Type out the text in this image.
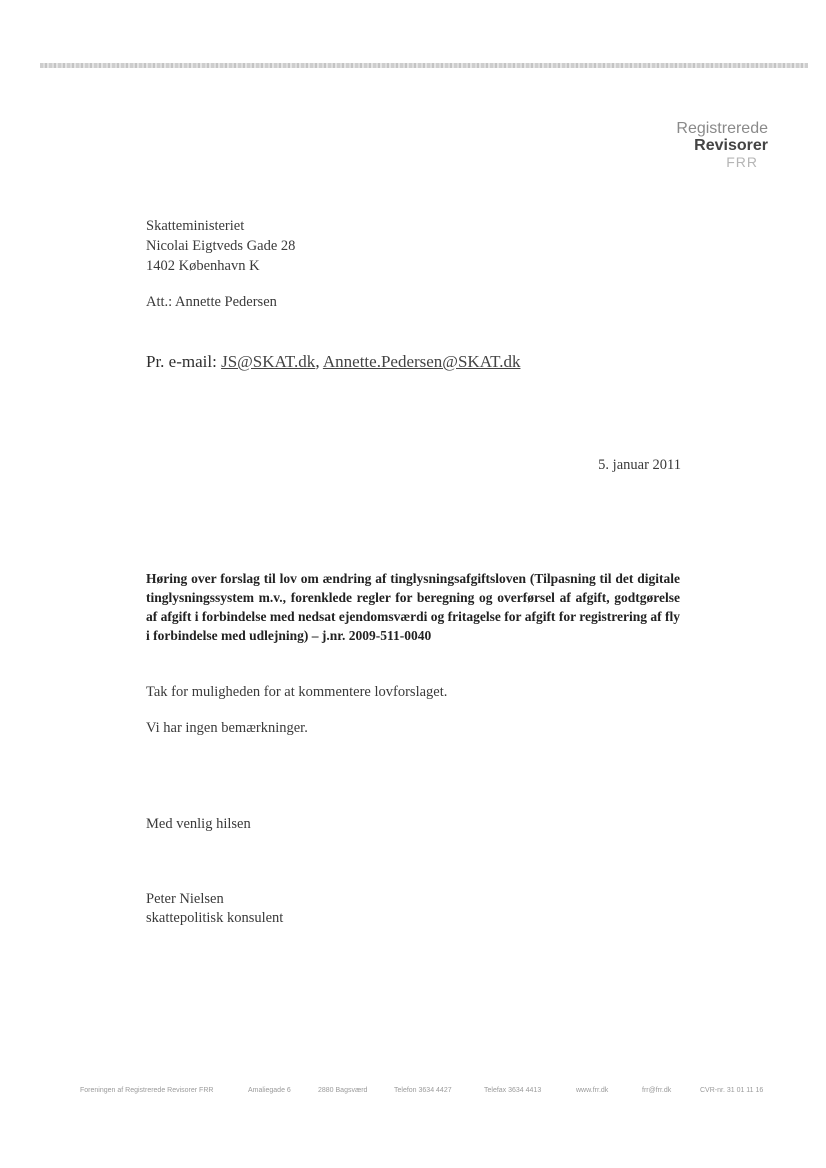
Registrerede
Revisorer
FRR
Skatteministeriet
Nicolai Eigtveds Gade 28
1402 København K
Att.: Annette Pedersen
Pr. e-mail: JS@SKAT.dk, Annette.Pedersen@SKAT.dk
5. januar 2011
Høring over forslag til lov om ændring af tinglysningsafgiftsloven (Tilpasning til det digitale tinglysningssystem m.v., forenklede regler for beregning og overførsel af afgift, godtgørelse af afgift i forbindelse med nedsat ejendomsværdi og fritagelse for afgift for registrering af fly i forbindelse med udlejning) – j.nr. 2009-511-0040
Tak for muligheden for at kommentere lovforslaget.
Vi har ingen bemærkninger.
Med venlig hilsen
Peter Nielsen
skattepolitisk konsulent
Foreningen af Registrerede Revisorer FRR	Amaliegade 6	2880 Bagsværd	Telefon 3634 4427	Telefax 3634 4413	www.frr.dk	frr@frr.dk	CVR-nr. 31 01 11 16
